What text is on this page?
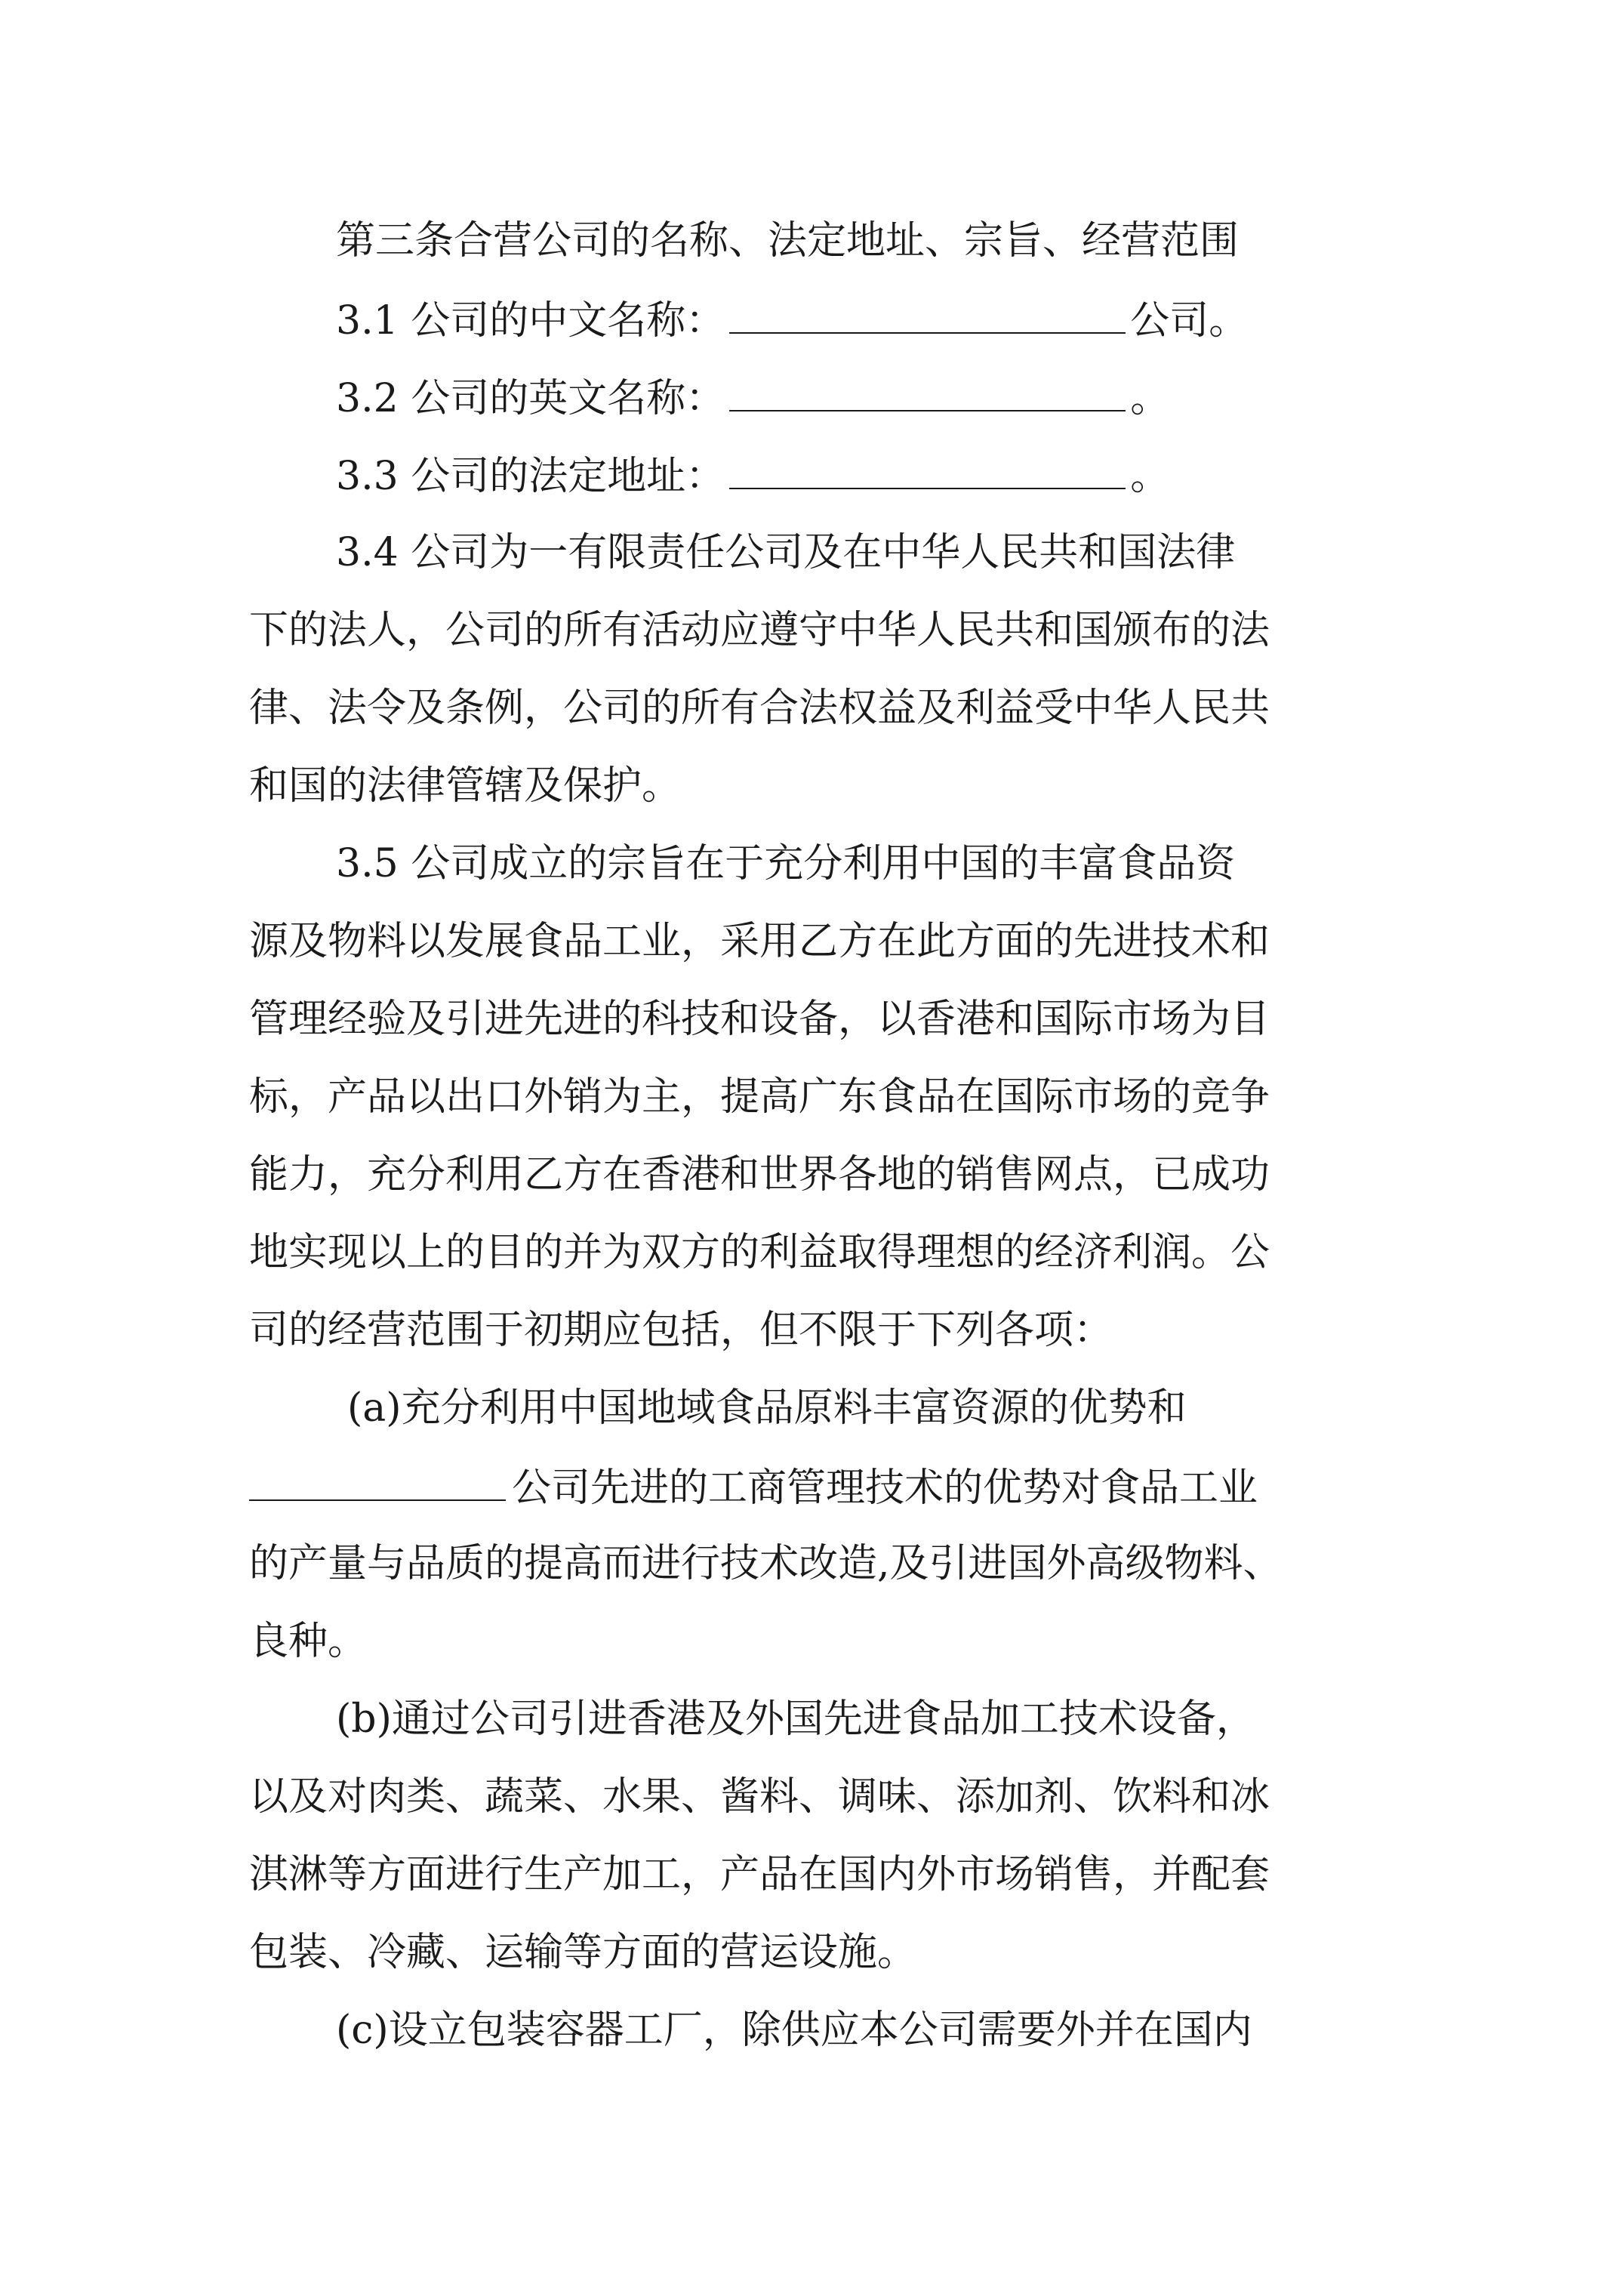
第三条合营公司的名称、法定地址、宗旨、经营范围
3.1 公司的中文名称：	公司。
3.2 公司的英文名称：	。
3.3 公司的法定地址：	。
3.4 公司为一有限责任公司及在中华人民共和国法律
下的法人，公司的所有活动应遵守中华人民共和国颁布的法
律、法令及条例，公司的所有合法权益及利益受中华人民共
和国的法律管辖及保护。
3.5 公司成立的宗旨在于充分利用中国的丰富食品资
源及物料以发展食品工业，采用乙方在此方面的先进技术和
管理经验及引进先进的科技和设备，以香港和国际市场为目
标，产品以出口外销为主，提高广东食品在国际市场的竞争
能力，充分利用乙方在香港和世界各地的销售网点，已成功
地实现以上的目的并为双方的利益取得理想的经济利润。公
司的经营范围于初期应包括，但不限于下列各项：
(a)充分利用中国地域食品原料丰富资源的优势和
公司先进的工商管理技术的优势对食品工业
的产量与品质的提高而进行技术改造,及引进国外高级物料、
良种。
(b)通过公司引进香港及外国先进食品加工技术设备，
以及对肉类、蔬菜、水果、酱料、调味、添加剂、饮料和冰
淇淋等方面进行生产加工，产品在国内外市场销售，并配套
包装、冷藏、运输等方面的营运设施。
(c)设立包装容器工厂，除供应本公司需要外并在国内
